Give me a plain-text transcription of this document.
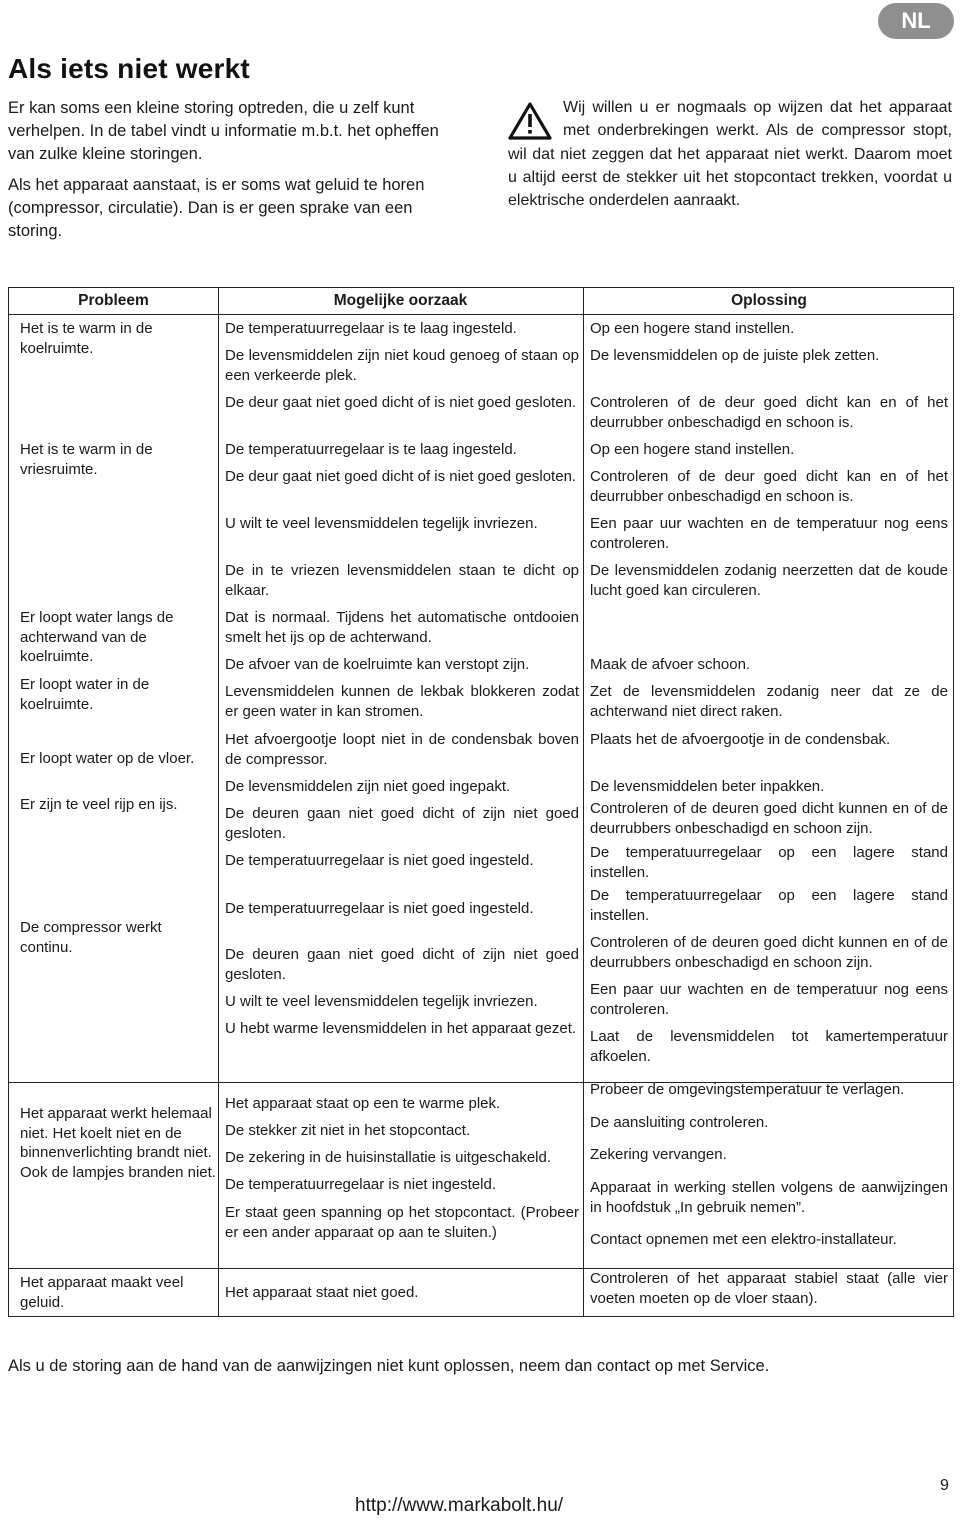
NL
Als iets niet werkt

Er kan soms een kleine storing optreden, die u zelf kunt verhelpen. In de tabel vindt u informatie m.b.t. het opheffen van zulke kleine storingen.

Als het apparaat aanstaat, is er soms wat geluid te horen (compressor, circulatie). Dan is er geen sprake van een storing.

Wij willen u er nogmaals op wijzen dat het apparaat met onderbrekingen werkt. Als de compressor stopt, wil dat niet zeggen dat het apparaat niet werkt. Daarom moet u altijd eerst de stekker uit het stopcontact trekken, voordat u elektrische onderdelen aanraakt.
Probleem	Mogelijke oorzaak	Oplossing
Het is te warm in de koelruimte.
Het is te warm in de vriesruimte.
Er loopt water langs de achterwand van de koelruimte.
Er loopt water in de koelruimte.
Er loopt water op de vloer.
Er zijn te veel rijp en ijs.
De compressor werkt continu.
Het apparaat werkt helemaal niet. Het koelt niet en de binnenverlichting brandt niet. Ook de lampjes branden niet.
Het apparaat maakt veel geluid.
De temperatuurregelaar is te laag ingesteld.
De levensmiddelen zijn niet koud genoeg of staan op een verkeerde plek.
De deur gaat niet goed dicht of is niet goed gesloten.
De temperatuurregelaar is te laag ingesteld.
De deur gaat niet goed dicht of is niet goed gesloten.
U wilt te veel levensmiddelen tegelijk invriezen.
De in te vriezen levensmiddelen staan te dicht op elkaar.
Dat is normaal. Tijdens het automatische ontdooien smelt het ijs op de achterwand.
De afvoer van de koelruimte kan verstopt zijn.
Levensmiddelen kunnen de lekbak blokkeren zodat er geen water in kan stromen.
Het afvoergootje loopt niet in de condensbak boven de compressor.
De levensmiddelen zijn niet goed ingepakt.
De deuren gaan niet goed dicht of zijn niet goed gesloten.
De temperatuurregelaar is niet goed ingesteld.
De temperatuurregelaar is niet goed ingesteld.
De deuren gaan niet goed dicht of zijn niet goed gesloten.
U wilt te veel levensmiddelen tegelijk invriezen.
U hebt warme levensmiddelen in het apparaat gezet.
Het apparaat staat op een te warme plek.
De stekker zit niet in het stopcontact.
De zekering in de huisinstallatie is uitgeschakeld.
De temperatuurregelaar is niet ingesteld.
Er staat geen spanning op het stopcontact. (Probeer er een ander apparaat op aan te sluiten.)
Het apparaat staat niet goed.
Op een hogere stand instellen.
De levensmiddelen op de juiste plek zetten.
Controleren of de deur goed dicht kan en of het deurrubber onbeschadigd en schoon is.
Op een hogere stand instellen.
Controleren of de deur goed dicht kan en of het deurrubber onbeschadigd en schoon is.
Een paar uur wachten en de temperatuur nog eens controleren.
De levensmiddelen zodanig neerzetten dat de koude lucht goed kan circuleren.
Maak de afvoer schoon.
Zet de levensmiddelen zodanig neer dat ze de achterwand niet direct raken.
Plaats het de afvoergootje in de condensbak.
De levensmiddelen beter inpakken.
Controleren of de deuren goed dicht kunnen en of de deurrubbers onbeschadigd en schoon zijn.
De temperatuurregelaar op een lagere stand instellen.
De temperatuurregelaar op een lagere stand instellen.
Controleren of de deuren goed dicht kunnen en of de deurrubbers onbeschadigd en schoon zijn.
Een paar uur wachten en de temperatuur nog eens controleren.
Laat de levensmiddelen tot kamertemperatuur afkoelen.
Probeer de omgevingstemperatuur te verlagen.
De aansluiting controleren.
Zekering vervangen.
Apparaat in werking stellen volgens de aanwijzingen in hoofdstuk „In gebruik nemen”.
Contact opnemen met een elektro-installateur.
Controleren of het apparaat stabiel staat (alle vier voeten moeten op de vloer staan).
Als u de storing aan de hand van de aanwijzingen niet kunt oplossen, neem dan contact op met Service.
9
http://www.markabolt.hu/
